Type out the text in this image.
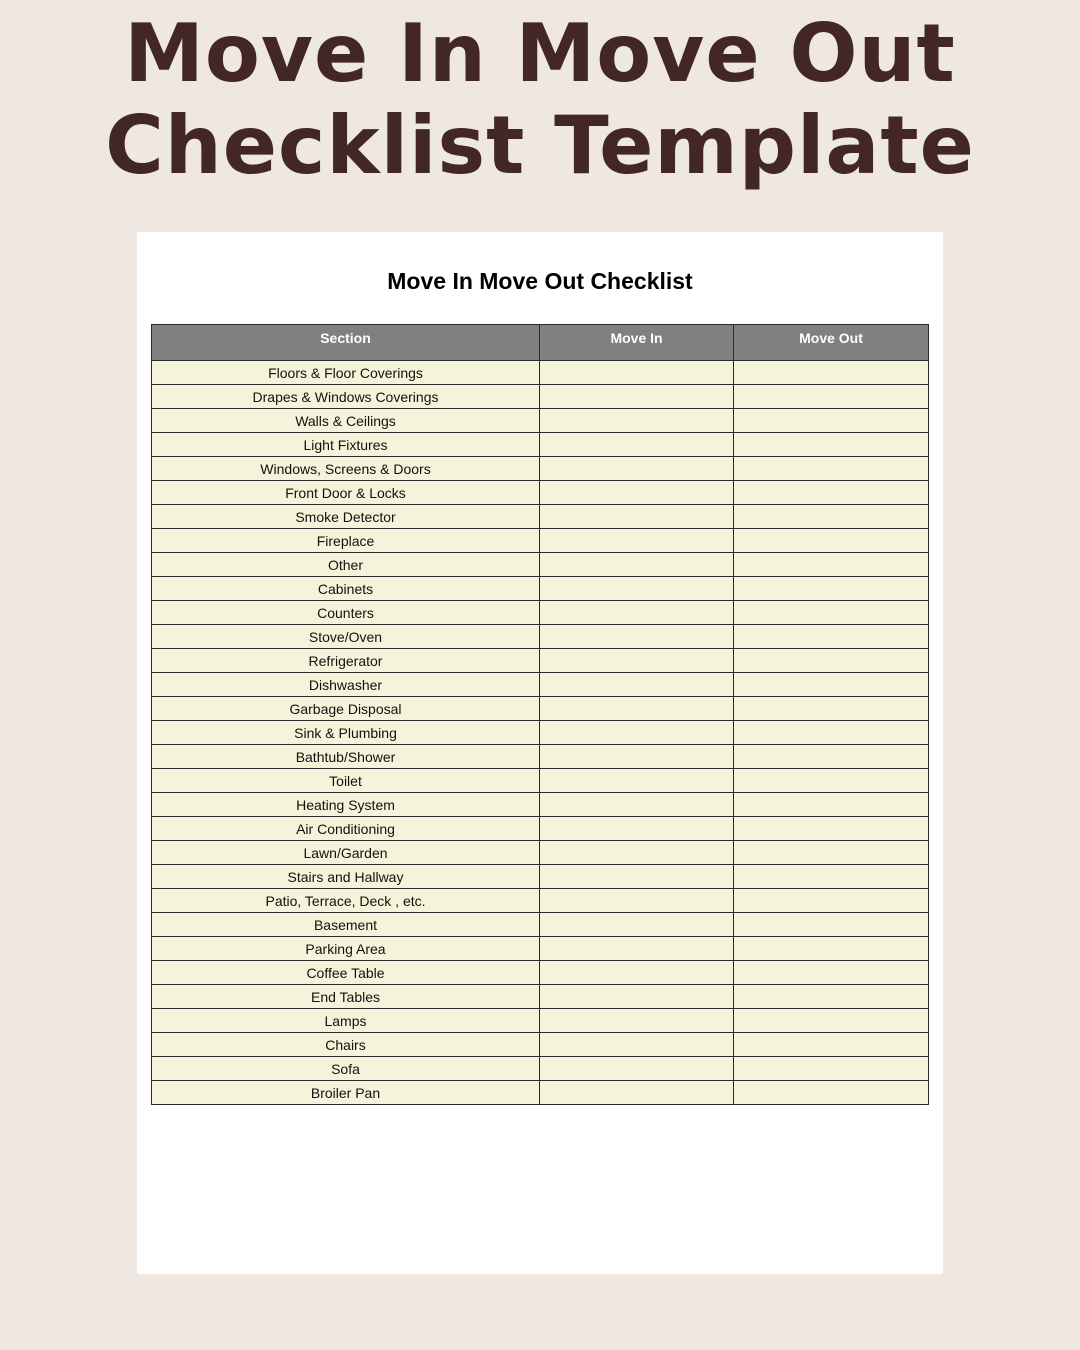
Move In Move Out
Checklist Template
Move In Move Out Checklist
Section	Move In	Move Out
Floors & Floor Coverings		
Drapes & Windows Coverings		
Walls & Ceilings		
Light Fixtures		
Windows, Screens & Doors		
Front Door & Locks		
Smoke Detector		
Fireplace		
Other		
Cabinets		
Counters		
Stove/Oven		
Refrigerator		
Dishwasher		
Garbage Disposal		
Sink & Plumbing		
Bathtub/Shower		
Toilet		
Heating System		
Air Conditioning		
Lawn/Garden		
Stairs and Hallway		
Patio, Terrace, Deck , etc.		
Basement		
Parking Area		
Coffee Table		
End Tables		
Lamps		
Chairs		
Sofa		
Broiler Pan		
